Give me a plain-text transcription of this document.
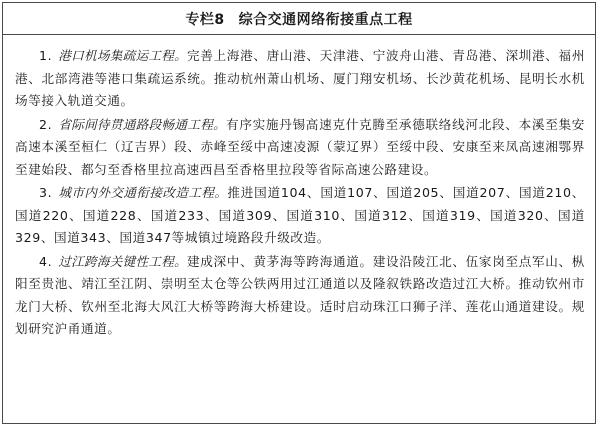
专栏8 综合交通网络衔接重点工程

1. 港口机场集疏运工程。完善上海港、唐山港、天津港、宁波舟山港、青岛港、深圳港、福州港、北部湾港等港口集疏运系统。推动杭州萧山机场、厦门翔安机场、长沙黄花机场、昆明长水机场等接入轨道交通。

2. 省际间待贯通路段畅通工程。有序实施丹锡高速克什克腾至承德联络线河北段、本溪至集安高速本溪至桓仁（辽吉界）段、赤峰至绥中高速凌源（蒙辽界）至绥中段、安康至来凤高速湘鄂界至建始段、都匀至香格里拉高速西昌至香格里拉段等省际高速公路建设。

3. 城市内外交通衔接改造工程。推进国道104、国道107、国道205、国道207、国道210、国道220、国道228、国道233、国道309、国道310、国道312、国道319、国道320、国道329、国道343、国道347等城镇过境路段升级改造。

4. 过江跨海关键性工程。建成深中、黄茅海等跨海通道。建设沿陵江北、伍家岗至点军山、枞阳至贵池、靖江至江阴、崇明至太仓等公铁两用过江通道以及隆叙铁路改造过江大桥。推动钦州市龙门大桥、钦州至北海大风江大桥等跨海大桥建设。适时启动珠江口狮子洋、莲花山通道建设。规划研究沪甬通道。
